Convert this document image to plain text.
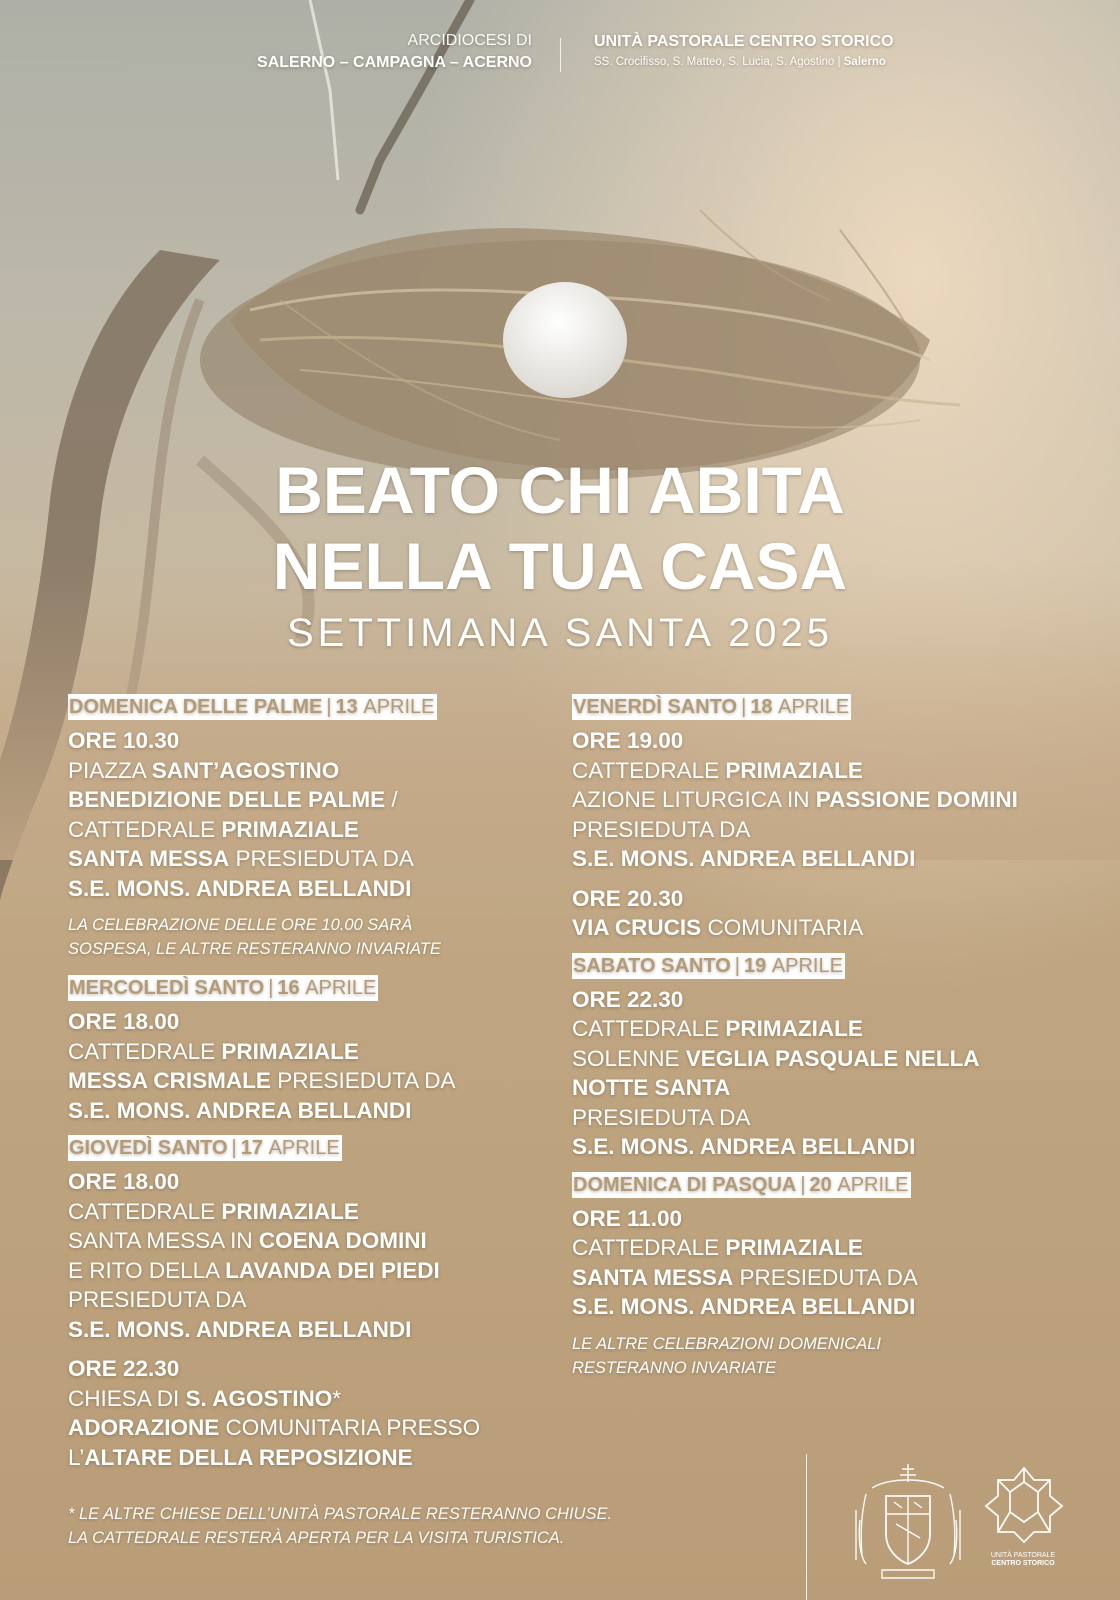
ARCIDIOCESI DI
SALERNO – CAMPAGNA – ACERNO
UNITÀ PASTORALE CENTRO STORICO
SS. Crocifisso, S. Matteo, S. Lucia, S. Agostino | Salerno
BEATO CHI ABITA
NELLA TUA CASA
SETTIMANA SANTA 2025
DOMENICA DELLE PALME | 13 APRILE
ORE 10.30
PIAZZA SANT’AGOSTINO
BENEDIZIONE DELLE PALME /
CATTEDRALE PRIMAZIALE
SANTA MESSA PRESIEDUTA DA
S.E. MONS. ANDREA BELLANDI
LA CELEBRAZIONE DELLE ORE 10.00 SARÀ
SOSPESA, LE ALTRE RESTERANNO INVARIATE
MERCOLEDÌ SANTO | 16 APRILE
ORE 18.00
CATTEDRALE PRIMAZIALE
MESSA CRISMALE PRESIEDUTA DA
S.E. MONS. ANDREA BELLANDI
GIOVEDÌ SANTO | 17 APRILE
ORE 18.00
CATTEDRALE PRIMAZIALE
SANTA MESSA IN COENA DOMINI
E RITO DELLA LAVANDA DEI PIEDI
PRESIEDUTA DA
S.E. MONS. ANDREA BELLANDI
ORE 22.30
CHIESA DI S. AGOSTINO*
ADORAZIONE COMUNITARIA PRESSO
L’ALTARE DELLA REPOSIZIONE
VENERDÌ SANTO | 18 APRILE
ORE 19.00
CATTEDRALE PRIMAZIALE
AZIONE LITURGICA IN PASSIONE DOMINI
PRESIEDUTA DA
S.E. MONS. ANDREA BELLANDI
ORE 20.30
VIA CRUCIS COMUNITARIA
SABATO SANTO | 19 APRILE
ORE 22.30
CATTEDRALE PRIMAZIALE
SOLENNE VEGLIA PASQUALE NELLA
NOTTE SANTA
PRESIEDUTA DA
S.E. MONS. ANDREA BELLANDI
DOMENICA DI PASQUA | 20 APRILE
ORE 11.00
CATTEDRALE PRIMAZIALE
SANTA MESSA PRESIEDUTA DA
S.E. MONS. ANDREA BELLANDI
LE ALTRE CELEBRAZIONI DOMENICALI
RESTERANNO INVARIATE
* LE ALTRE CHIESE DELL’UNITÀ PASTORALE RESTERANNO CHIUSE.
LA CATTEDRALE RESTERÀ APERTA PER LA VISITA TURISTICA.
UNITÀ PASTORALE
CENTRO STORICO
